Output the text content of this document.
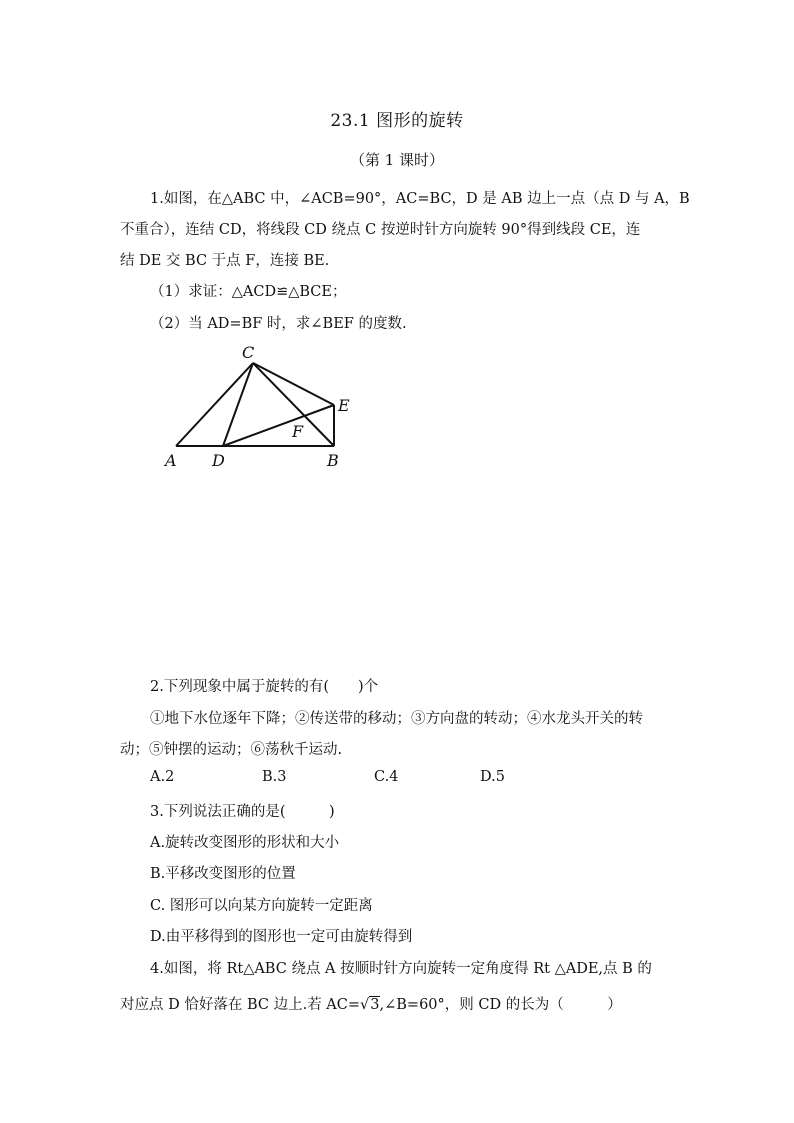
23.1 图形的旋转
（第 1 课时）
1.如图，在△ABC 中，∠ACB=90°，AC=BC，D 是 AB 边上一点（点 D 与 A，B
不重合），连结 CD，将线段 CD 绕点 C 按逆时针方向旋转 90°得到线段 CE，连
结 DE 交 BC 于点 F，连接 BE.
（1）求证：△ACD≌△BCE；
（2）当 AD=BF 时，求∠BEF 的度数.
C
E
F
A D	B
2.下列现象中属于旋转的有(　　)个
①地下水位逐年下降；②传送带的移动；③方向盘的转动；④水龙头开关的转
动；⑤钟摆的运动；⑥荡秋千运动.
A.2	B.3	C.4	D.5
3.下列说法正确的是(　　　)
A.旋转改变图形的形状和大小
B.平移改变图形的位置
C. 图形可以向某方向旋转一定距离
D.由平移得到的图形也一定可由旋转得到
4.如图，将 Rt△ABC 绕点 A 按顺时针方向旋转一定角度得 Rt △ADE,点 B 的
对应点 D 恰好落在 BC 边上.若 AC=√3,∠B=60°，则 CD 的长为（　　　）
